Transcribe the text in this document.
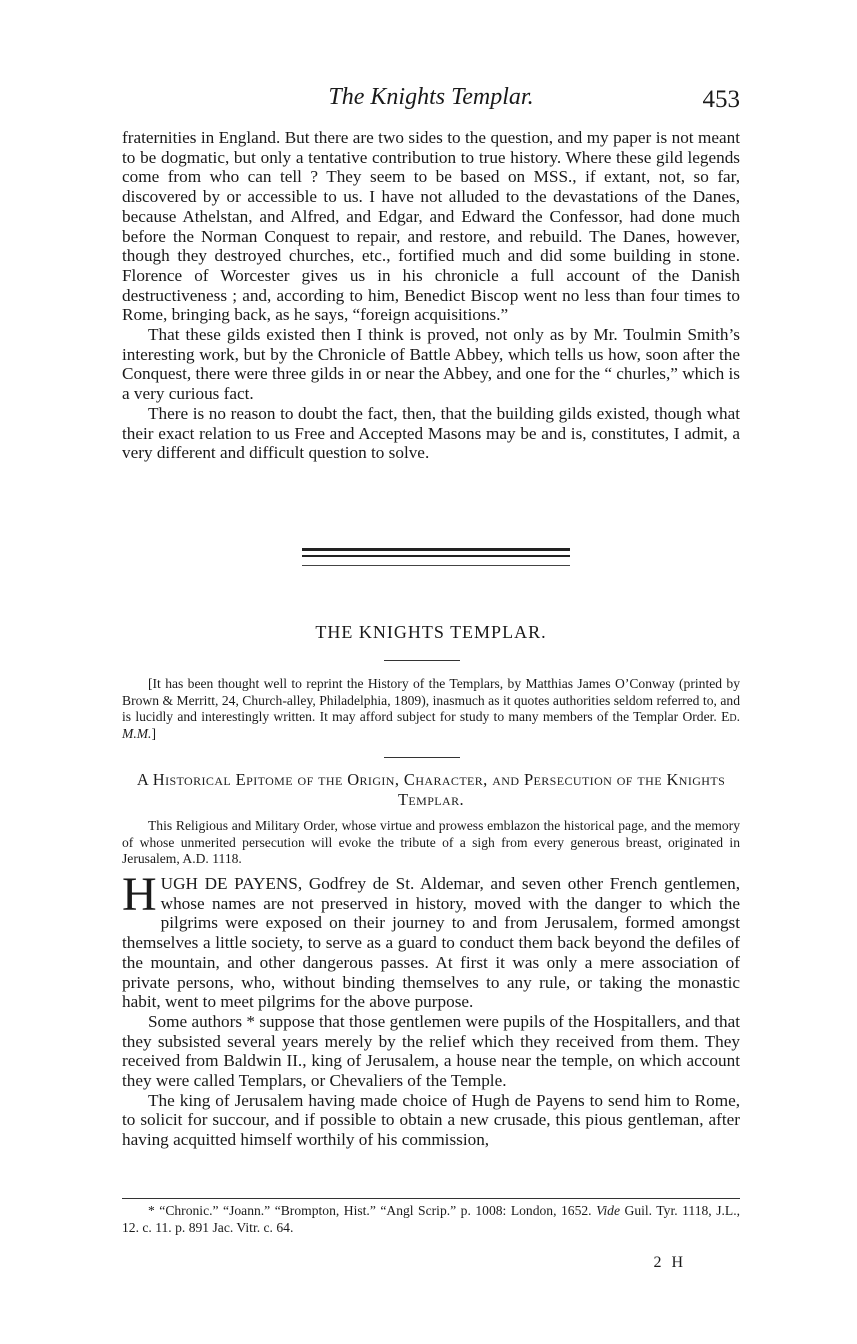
The Knights Templar.	453

fraternities in England. But there are two sides to the question, and my paper is not meant to be dogmatic, but only a tentative contribution to true history. Where these gild legends come from who can tell ? They seem to be based on MSS., if extant, not, so far, discovered by or accessible to us. I have not alluded to the devastations of the Danes, because Athelstan, and Alfred, and Edgar, and Edward the Confessor, had done much before the Norman Conquest to repair, and restore, and rebuild. The Danes, however, though they destroyed churches, etc., fortified much and did some building in stone. Florence of Worcester gives us in his chronicle a full account of the Danish destructiveness ; and, according to him, Benedict Biscop went no less than four times to Rome, bringing back, as he says, “foreign acquisitions.”

That these gilds existed then I think is proved, not only as by Mr. Toulmin Smith’s interesting work, but by the Chronicle of Battle Abbey, which tells us how, soon after the Conquest, there were three gilds in or near the Abbey, and one for the “ churles,” which is a very curious fact.

There is no reason to doubt the fact, then, that the building gilds existed, though what their exact relation to us Free and Accepted Masons may be and is, constitutes, I admit, a very different and difficult question to solve.

THE KNIGHTS TEMPLAR.

[It has been thought well to reprint the History of the Templars, by Matthias James O’Conway (printed by Brown & Merritt, 24, Church-alley, Philadelphia, 1809), inasmuch as it quotes authorities seldom referred to, and is lucidly and interestingly written. It may afford subject for study to many members of the Templar Order. Ed. M.M.]

A Historical Epitome of the Origin, Character, and Persecution of the Knights Templar.

This Religious and Military Order, whose virtue and prowess emblazon the historical page, and the memory of whose unmerited persecution will evoke the tribute of a sigh from every generous breast, originated in Jerusalem, A.D. 1118.

HUGH DE PAYENS, Godfrey de St. Aldemar, and seven other French gentlemen, whose names are not preserved in history, moved with the danger to which the pilgrims were exposed on their journey to and from Jerusalem, formed amongst themselves a little society, to serve as a guard to conduct them back beyond the defiles of the mountain, and other dangerous passes. At first it was only a mere association of private persons, who, without binding themselves to any rule, or taking the monastic habit, went to meet pilgrims for the above purpose.

Some authors * suppose that those gentlemen were pupils of the Hospitallers, and that they subsisted several years merely by the relief which they received from them. They received from Baldwin II., king of Jerusalem, a house near the temple, on which account they were called Templars, or Chevaliers of the Temple.

The king of Jerusalem having made choice of Hugh de Payens to send him to Rome, to solicit for succour, and if possible to obtain a new crusade, this pious gentleman, after having acquitted himself worthily of his commission,

* “Chronic.” “Joann.” “Brompton, Hist.” “Angl Scrip.” p. 1008: London, 1652. Vide Guil. Tyr. 1118, J.L., 12. c. 11. p. 891 Jac. Vitr. c. 64.

2 H
